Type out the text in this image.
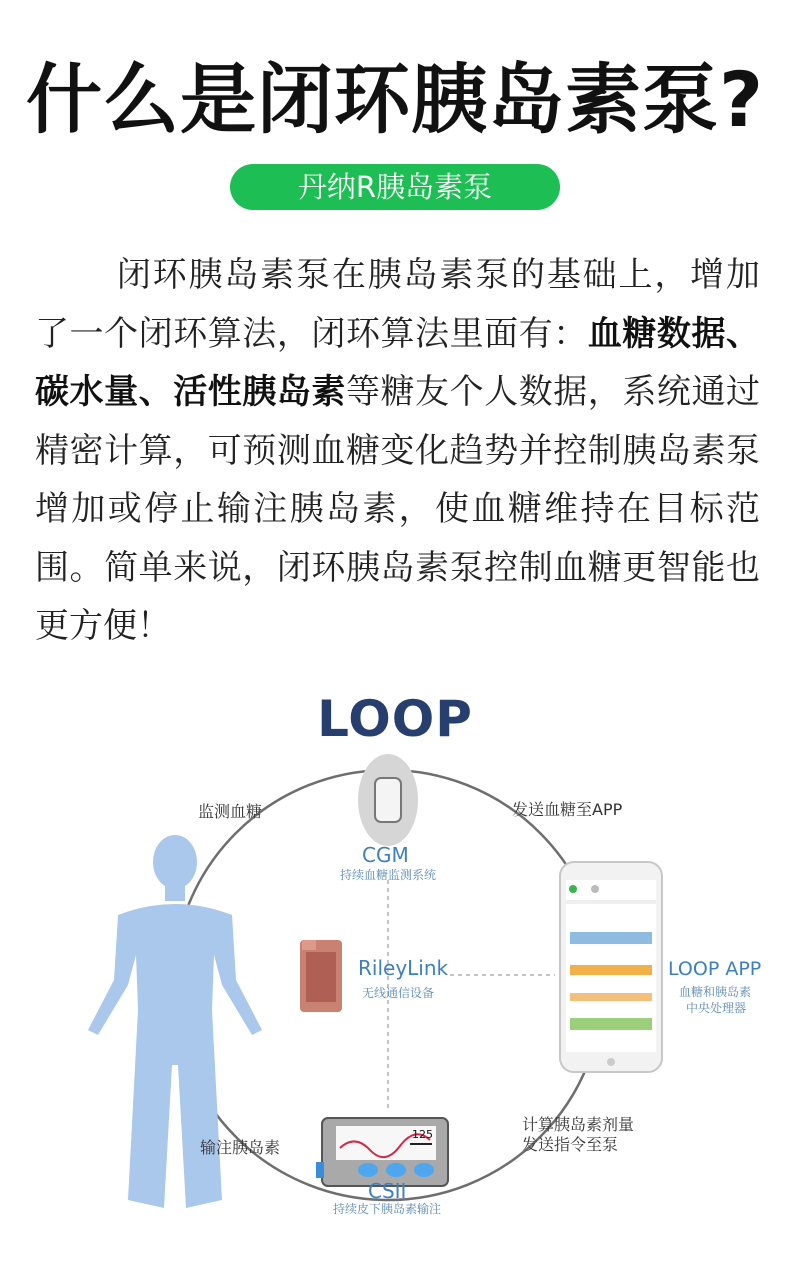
什么是闭环胰岛素泵?
丹纳R胰岛素泵
闭环胰岛素泵在胰岛素泵的基础上，增加了一个闭环算法，闭环算法里面有：血糖数据、碳水量、活性胰岛素等糖友个人数据，系统通过精密计算，可预测血糖变化趋势并控制胰岛素泵增加或停止输注胰岛素，使血糖维持在目标范围。简单来说，闭环胰岛素泵控制血糖更智能也更方便！
125
LOOP
监测血糖	发送血糖至APP
CGM
持续血糖监测系统
RileyLink
无线通信设备
LOOP APP
血糖和胰岛素
中央处理器
输注胰岛素
计算胰岛素剂量
发送指令至泵
CSII
持续皮下胰岛素输注
